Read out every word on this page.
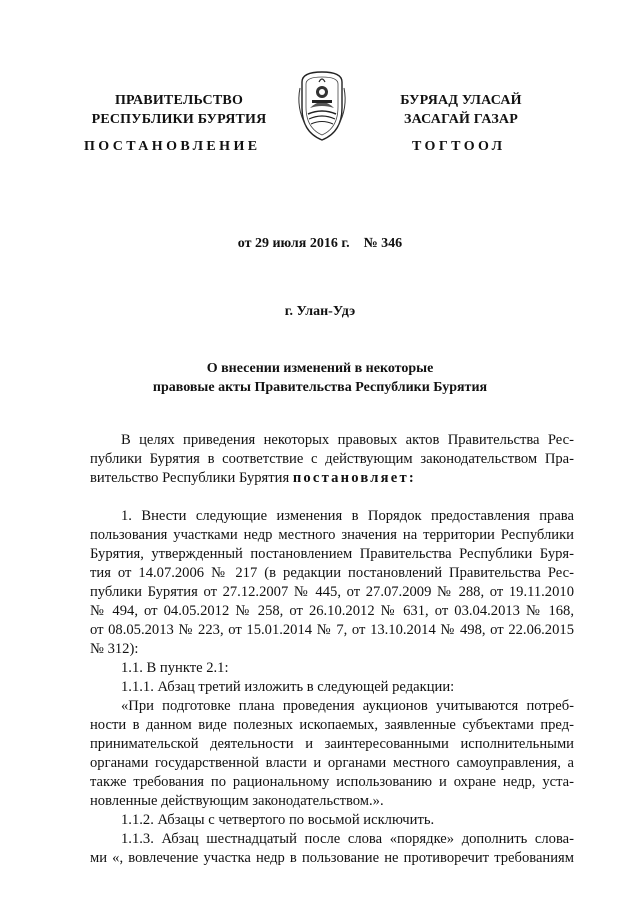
ПРАВИТЕЛЬСТВО
РЕСПУБЛИКИ БУРЯТИЯ
БУРЯАД УЛАСАЙ
ЗАСАГАЙ ГАЗАР
ПОСТАНОВЛЕНИЕ	ТОГТООЛ
от 29 июля 2016 г.    № 346
г. Улан-Удэ
О внесении изменений в некоторые
правовые акты Правительства Республики Бурятия
В целях приведения некоторых правовых актов Правительства Рес-
публики Бурятия в соответствие с действующим законодательством Пра-
вительство Республики Бурятия постановляет:
1. Внести следующие изменения в Порядок предоставления права
пользования участками недр местного значения на территории Республики
Бурятия, утвержденный постановлением Правительства Республики Буря-
тия от 14.07.2006 № 217 (в редакции постановлений Правительства Рес-
публики Бурятия от 27.12.2007 № 445, от 27.07.2009 № 288, от 19.11.2010
№ 494, от 04.05.2012 № 258, от 26.10.2012 № 631, от 03.04.2013 № 168,
от 08.05.2013 № 223, от 15.01.2014 № 7, от 13.10.2014 № 498, от 22.06.2015
№ 312):
1.1. В пункте 2.1:
1.1.1. Абзац третий изложить в следующей редакции:
«При подготовке плана проведения аукционов учитываются потреб-
ности в данном виде полезных ископаемых, заявленные субъектами пред-
принимательской деятельности и заинтересованными исполнительными
органами государственной власти и органами местного самоуправления, а
также требования по рациональному использованию и охране недр, уста-
новленные действующим законодательством.».
1.1.2. Абзацы с четвертого по восьмой исключить.
1.1.3. Абзац шестнадцатый после слова «порядке» дополнить слова-
ми «, вовлечение участка недр в пользование не противоречит требованиям
